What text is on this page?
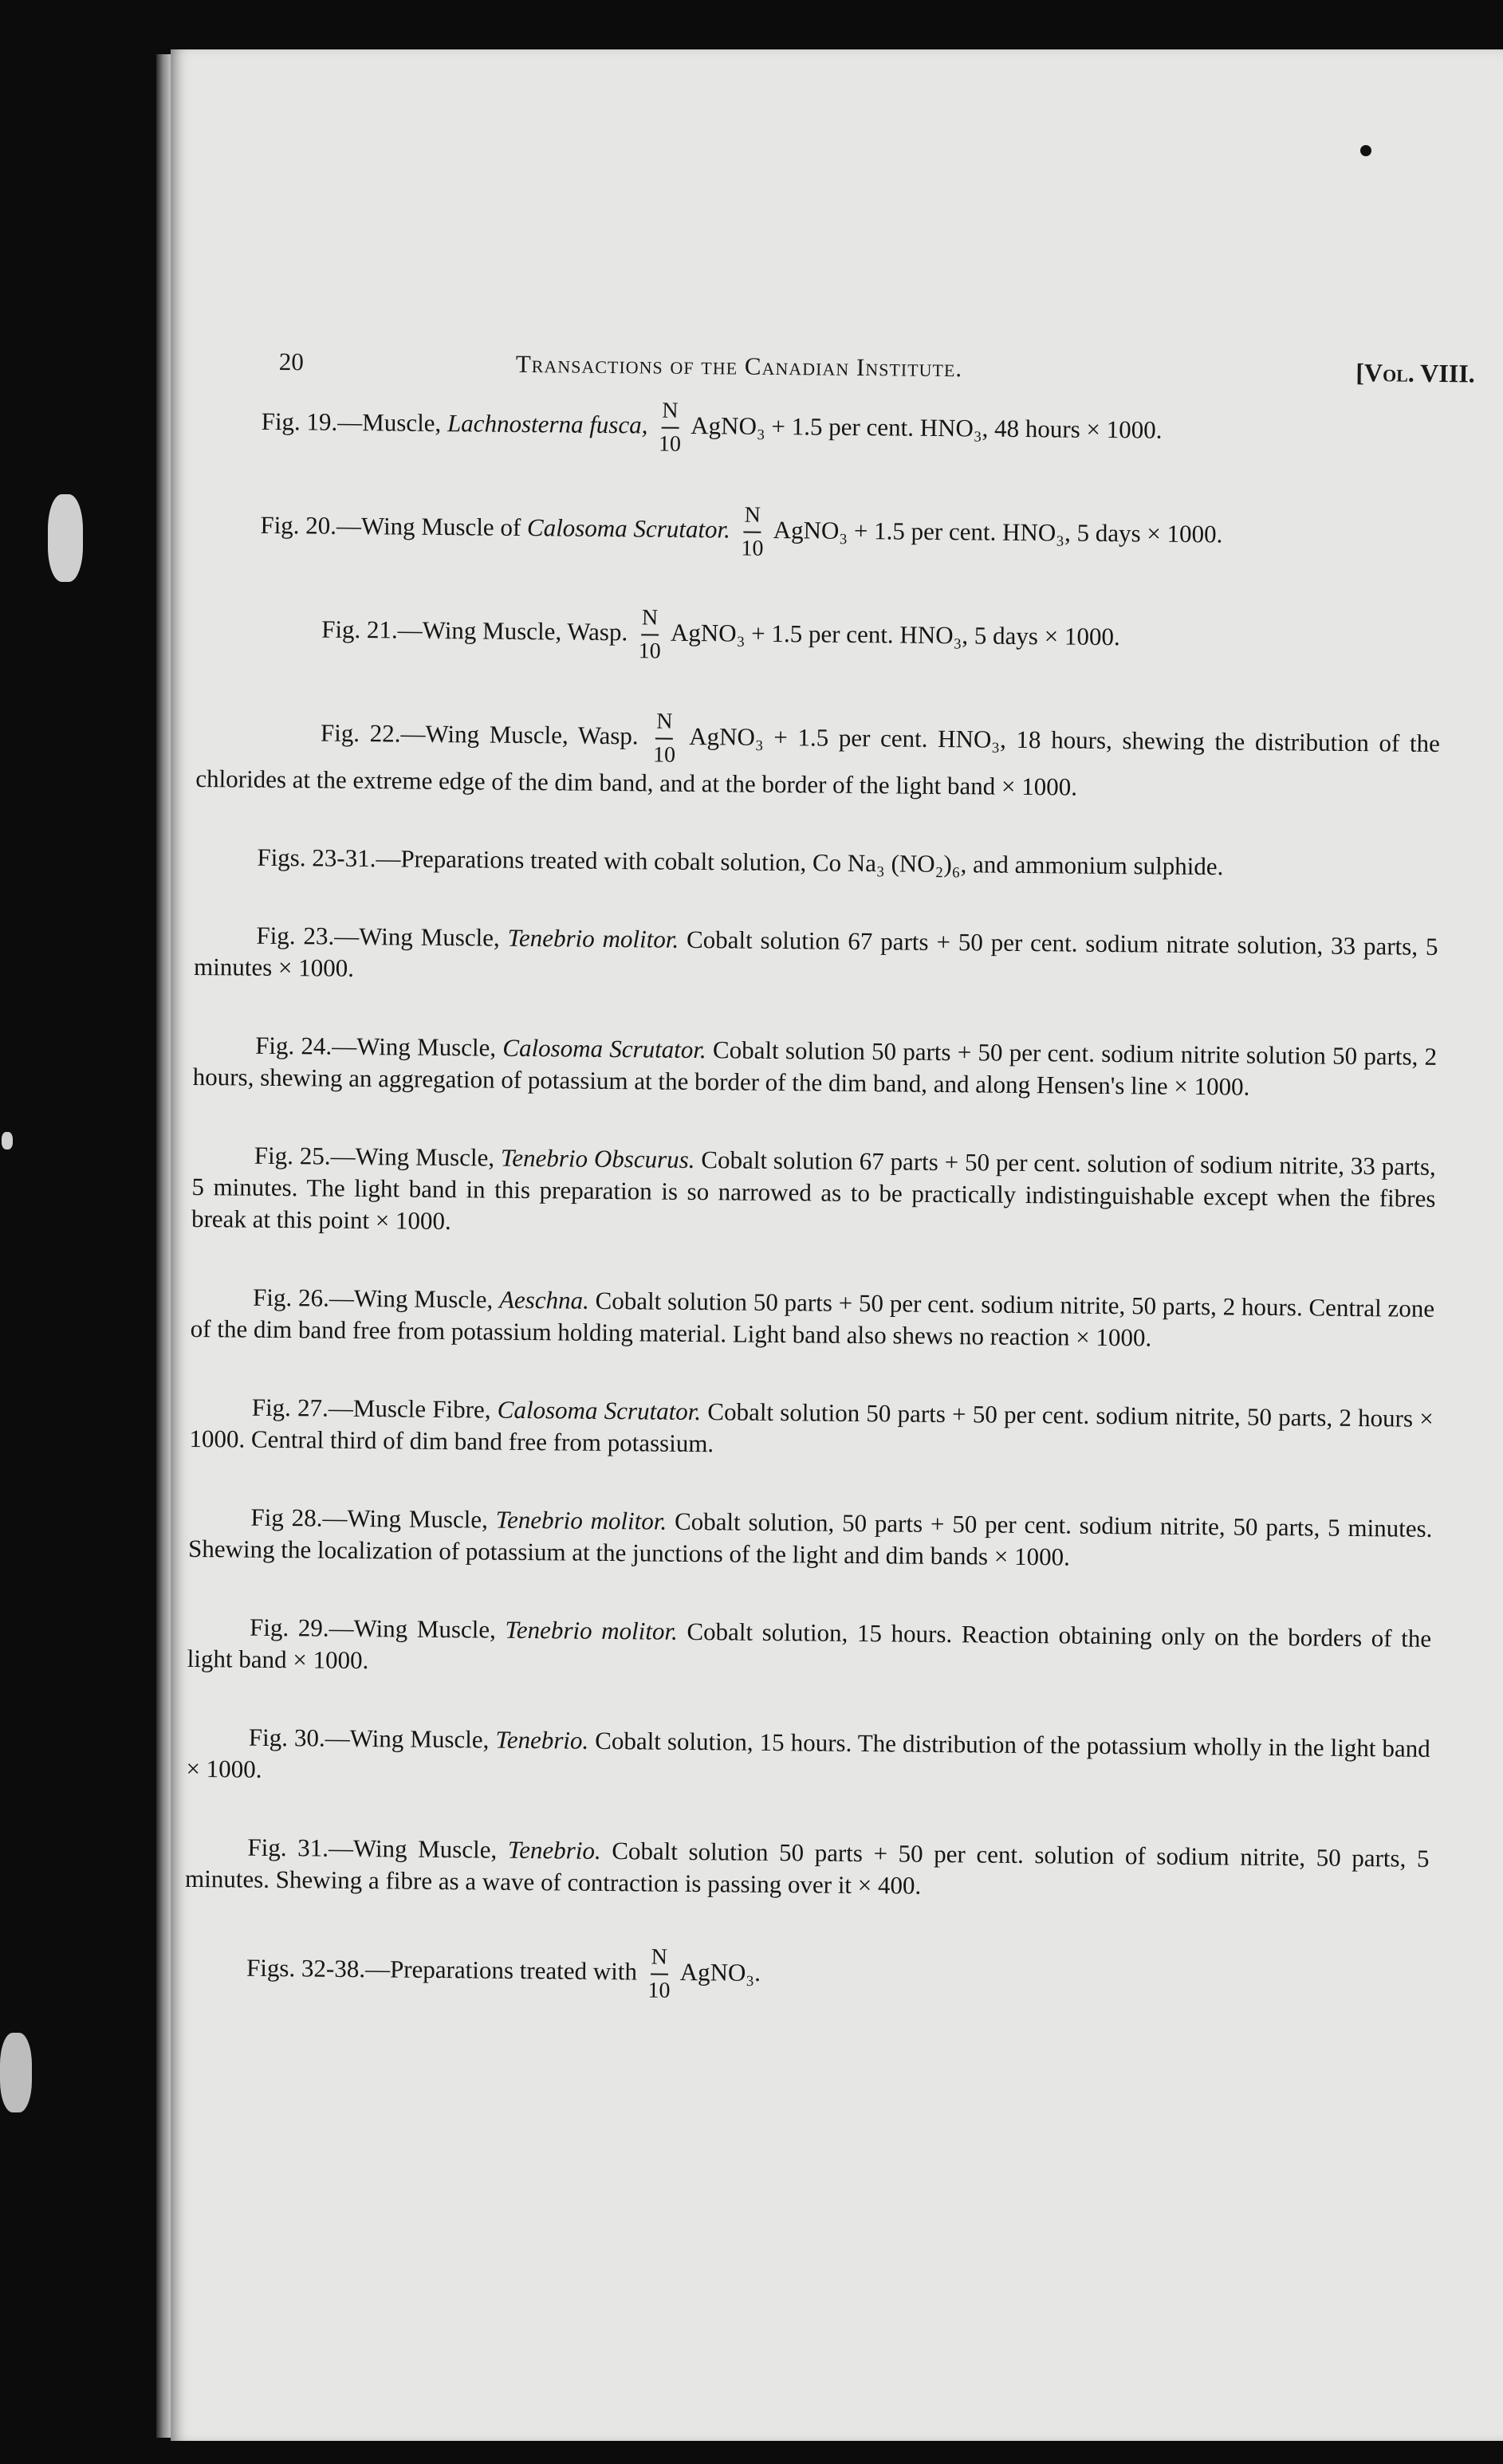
20	Transactions of the Canadian Institute.	[Vol. VIII.

Fig. 19.—Muscle, Lachnosterna fusca, $\frac{N}{10}$ AgNO₃ + 1.5 per cent. HNO₃, 48 hours × 1000.

Fig. 20.—Wing Muscle of Calosoma Scrutator. $\frac{N}{10}$ AgNO₃ + 1.5 per cent. HNO₃, 5 days × 1000.

Fig. 21.—Wing Muscle, Wasp. $\frac{N}{10}$ AgNO₃ + 1.5 per cent. HNO₃, 5 days × 1000.

Fig. 22.—Wing Muscle, Wasp. $\frac{N}{10}$ AgNO₃ + 1.5 per cent. HNO₃, 18 hours, shewing the distribution of the chlorides at the extreme edge of the dim band, and at the border of the light band × 1000.

Figs. 23-31.—Preparations treated with cobalt solution, Co Na₃ (NO₂)₆, and ammonium sulphide.

Fig. 23.—Wing Muscle, Tenebrio molitor. Cobalt solution 67 parts + 50 per cent. sodium nitrate solution, 33 parts, 5 minutes × 1000.

Fig. 24.—Wing Muscle, Calosoma Scrutator. Cobalt solution 50 parts + 50 per cent. sodium nitrite solution 50 parts, 2 hours, shewing an aggregation of potassium at the border of the dim band, and along Hensen's line × 1000.

Fig. 25.—Wing Muscle, Tenebrio Obscurus. Cobalt solution 67 parts + 50 per cent. solution of sodium nitrite, 33 parts, 5 minutes. The light band in this preparation is so narrowed as to be practically indistinguishable except when the fibres break at this point × 1000.

Fig. 26.—Wing Muscle, Aeschna. Cobalt solution 50 parts + 50 per cent. sodium nitrite, 50 parts, 2 hours. Central zone of the dim band free from potassium holding material. Light band also shews no reaction × 1000.

Fig. 27.—Muscle Fibre, Calosoma Scrutator. Cobalt solution 50 parts + 50 per cent. sodium nitrite, 50 parts, 2 hours × 1000. Central third of dim band free from potassium.

Fig 28.—Wing Muscle, Tenebrio molitor. Cobalt solution, 50 parts + 50 per cent. sodium nitrite, 50 parts, 5 minutes. Shewing the localization of potassium at the junctions of the light and dim bands × 1000.

Fig. 29.—Wing Muscle, Tenebrio molitor. Cobalt solution, 15 hours. Reaction obtaining only on the borders of the light band × 1000.

Fig. 30.—Wing Muscle, Tenebrio. Cobalt solution, 15 hours. The distribution of the potassium wholly in the light band × 1000.

Fig. 31.—Wing Muscle, Tenebrio. Cobalt solution 50 parts + 50 per cent. solution of sodium nitrite, 50 parts, 5 minutes. Shewing a fibre as a wave of contraction is passing over it × 400.

Figs. 32-38.—Preparations treated with $\frac{N}{10}$ AgNO₃.
